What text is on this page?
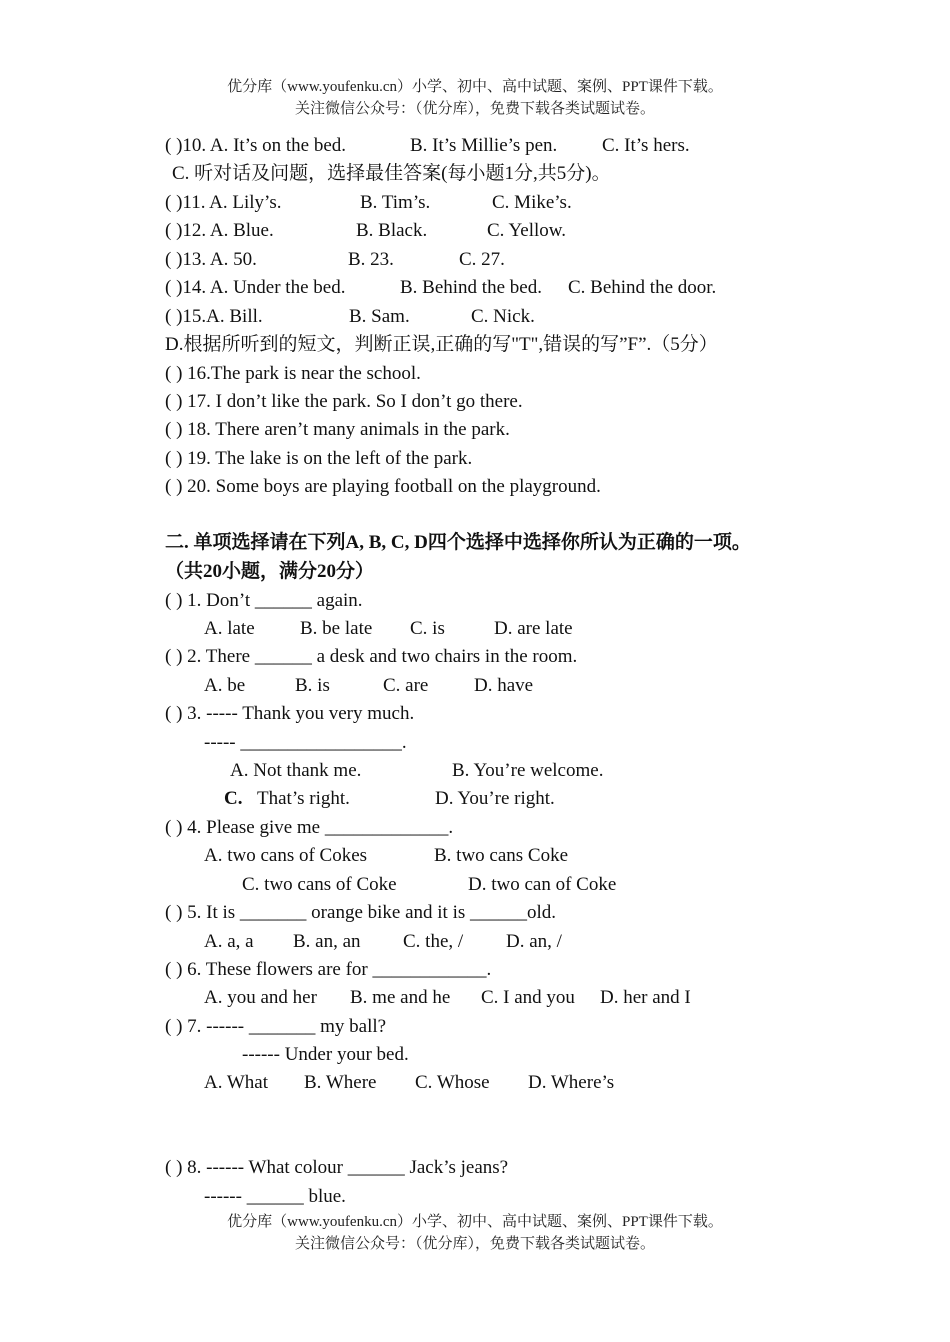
优分库（www.youfenku.cn）小学、初中、高中试题、案例、PPT课件下载。
关注微信公众号：（优分库），免费下载各类试题试卷。
( )10. A. It’s on the bed.	B. It’s Millie’s pen. C. It’s hers.
C. 听对话及问题，选择最佳答案(每小题1分,共5分)。
( )11. A. Lily’s.	B. Tim’s.	C. Mike’s.
( )12. A. Blue.	B. Black.	C. Yellow.
( )13. A. 50.	B. 23.	C. 27.
( )14. A. Under the bed.	B. Behind the bed. C. Behind the door.
( )15.A. Bill.	B. Sam.	C. Nick.
D.根据所听到的短文，判断正误,正确的写"T",错误的写”F”.（5分）
( ) 16.The park is near the school.
( ) 17. I don’t like the park. So I don’t go there.
( ) 18. There aren’t many animals in the park.
( ) 19. The lake is on the left of the park.
( ) 20. Some boys are playing football on the playground.
二. 单项选择请在下列A, B, C, D四个选择中选择你所认为正确的一项。
（共20小题，满分20分）
( ) 1. Don’t ______ again.
A. late B. be late C. is	D. are late
( ) 2. There ______ a desk and two chairs in the room.
A. be	B. is	C. are D. have
( ) 3. ----- Thank you very much.
----- _________________.
A. Not thank me.	B. You’re welcome.
C. That’s right.	D. You’re right.
( ) 4. Please give me _____________.
A. two cans of Cokes	B. two cans Coke
C. two cans of Coke	D. two can of Coke
( ) 5. It is _______ orange bike and it is ______old.
A. a, a B. an, an C. the, / D. an, /
( ) 6. These flowers are for ____________.
A. you and her B. me and he C. I and you D. her and I
( ) 7. ------ _______ my ball?
------ Under your bed.
A. What B. Where C. Whose D. Where’s
( ) 8. ------ What colour ______ Jack’s jeans?
------ ______ blue.
优分库（www.youfenku.cn）小学、初中、高中试题、案例、PPT课件下载。
关注微信公众号：（优分库），免费下载各类试题试卷。
